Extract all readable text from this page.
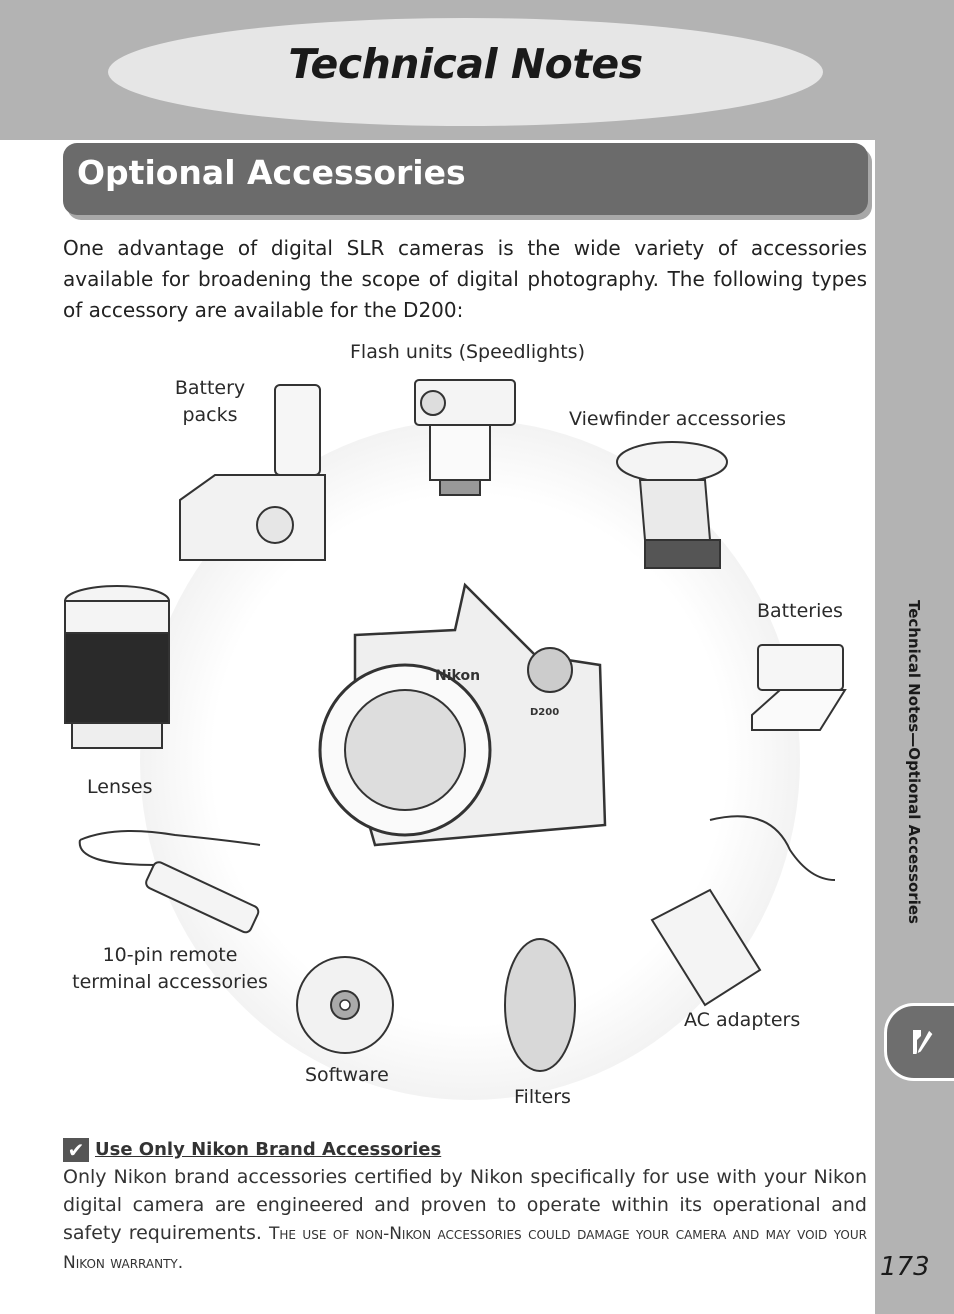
Technical Notes
Technical Notes—Optional Accessories
Optional Accessories
One advantage of digital SLR cameras is the wide variety of accessories available for broadening the scope of digital photography. The following types of accessory are available for the D200:
Flash units (Speedlights)
Battery
packs	Viewfinder accessories
Batteries
Lenses
Nikon
D200
10-pin remote
terminal accessories
AC adapters
Software
Filters
✔ Use Only Nikon Brand Accessories
Only Nikon brand accessories certified by Nikon specifically for use with your Nikon digital camera are engineered and proven to operate within its operational and safety requirements. The use of non-Nikon accessories could damage your camera and may void your Nikon warranty.	173
